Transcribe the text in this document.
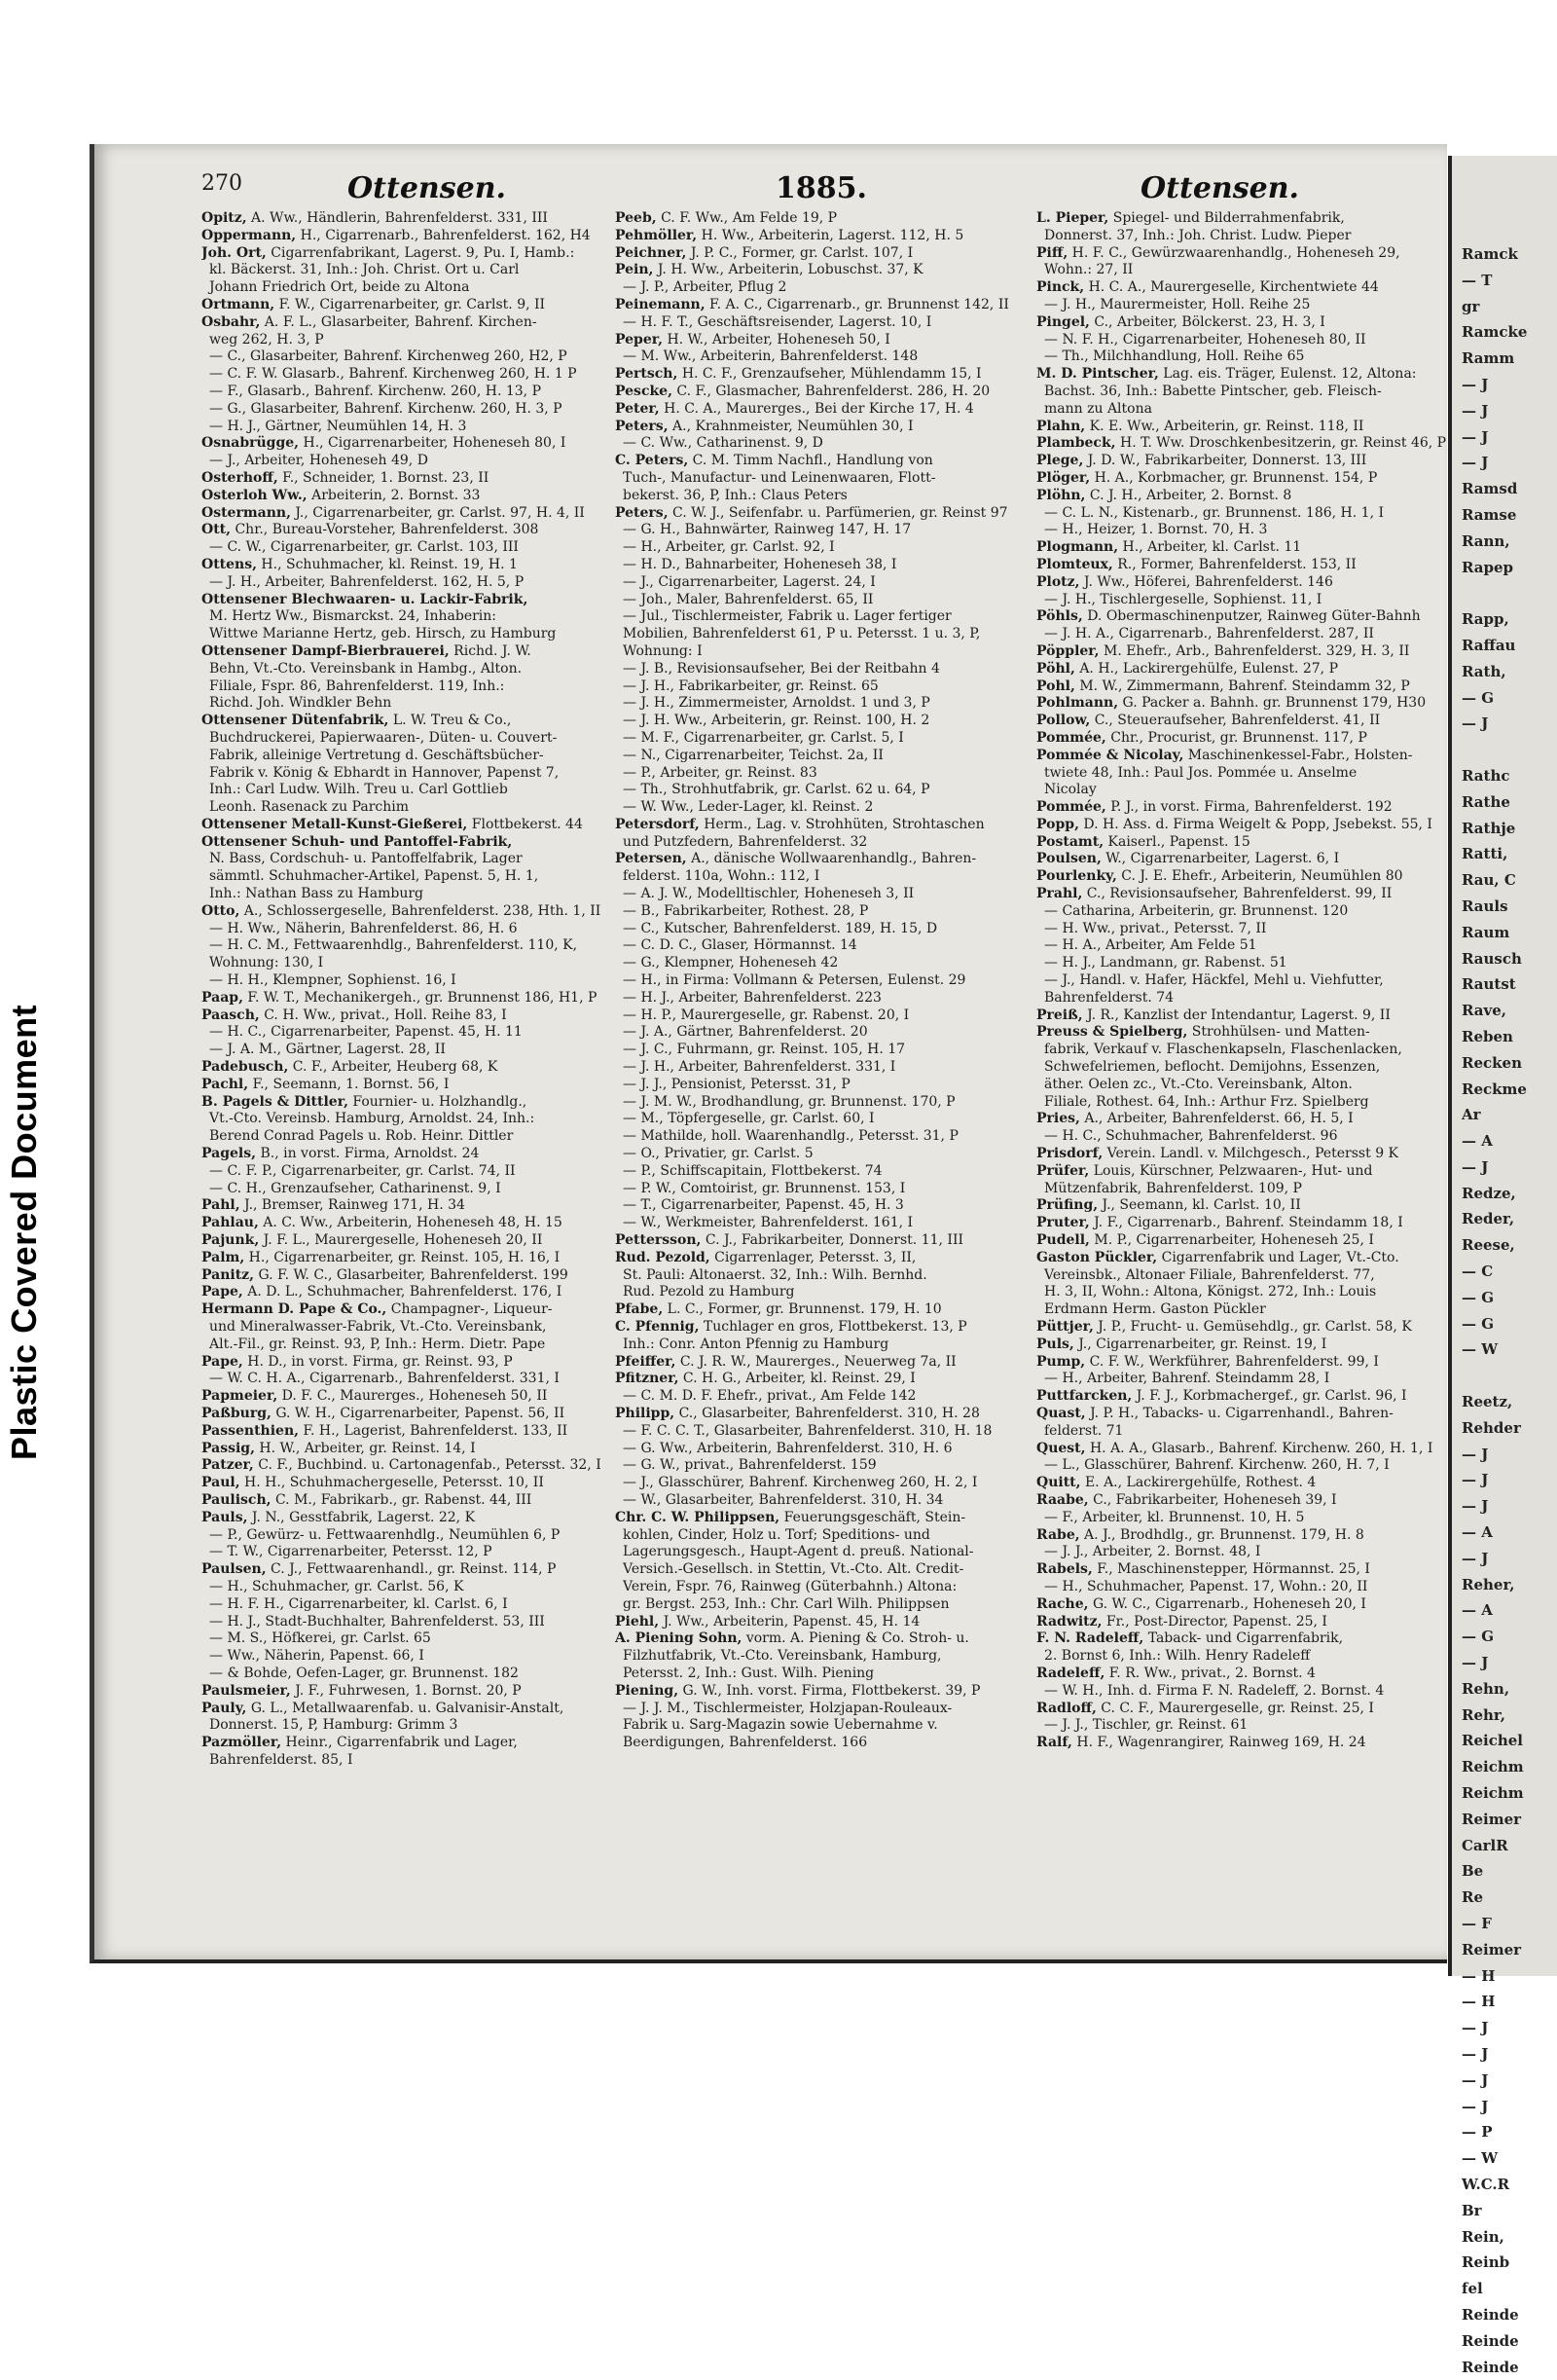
Plastic Covered Document
270	Ottensen.	1885.	Ottensen.
Opitz, A. Ww., Händlerin, Bahrenfelderst. 331, III
Oppermann, H., Cigarrenarb., Bahrenfelderst. 162, H4
Joh. Ort, Cigarrenfabrikant, Lagerst. 9, Pu. I, Hamb.:
kl. Bäckerst. 31, Inh.: Joh. Christ. Ort u. Carl
Johann Friedrich Ort, beide zu Altona
Ortmann, F. W., Cigarrenarbeiter, gr. Carlst. 9, II
Osbahr, A. F. L., Glasarbeiter, Bahrenf. Kirchen-
weg 262, H. 3, P
— C., Glasarbeiter, Bahrenf. Kirchenweg 260, H2, P
— C. F. W. Glasarb., Bahrenf. Kirchenweg 260, H. 1 P
— F., Glasarb., Bahrenf. Kirchenw. 260, H. 13, P
— G., Glasarbeiter, Bahrenf. Kirchenw. 260, H. 3, P
— H. J., Gärtner, Neumühlen 14, H. 3
Osnabrügge, H., Cigarrenarbeiter, Hoheneseh 80, I
— J., Arbeiter, Hoheneseh 49, D
Osterhoff, F., Schneider, 1. Bornst. 23, II
Osterloh Ww., Arbeiterin, 2. Bornst. 33
Ostermann, J., Cigarrenarbeiter, gr. Carlst. 97, H. 4, II
Ott, Chr., Bureau-Vorsteher, Bahrenfelderst. 308
— C. W., Cigarrenarbeiter, gr. Carlst. 103, III
Ottens, H., Schuhmacher, kl. Reinst. 19, H. 1
— J. H., Arbeiter, Bahrenfelderst. 162, H. 5, P
Ottensener Blechwaaren- u. Lackir-Fabrik,
M. Hertz Ww., Bismarckst. 24, Inhaberin:
Wittwe Marianne Hertz, geb. Hirsch, zu Hamburg
Ottensener Dampf-Bierbrauerei, Richd. J. W.
Behn, Vt.-Cto. Vereinsbank in Hambg., Alton.
Filiale, Fspr. 86, Bahrenfelderst. 119, Inh.:
Richd. Joh. Windkler Behn
Ottensener Dütenfabrik, L. W. Treu & Co.,
Buchdruckerei, Papierwaaren-, Düten- u. Couvert-
Fabrik, alleinige Vertretung d. Geschäftsbücher-
Fabrik v. König & Ebhardt in Hannover, Papenst 7,
Inh.: Carl Ludw. Wilh. Treu u. Carl Gottlieb
Leonh. Rasenack zu Parchim
Ottensener Metall-Kunst-Gießerei, Flottbekerst. 44
Ottensener Schuh- und Pantoffel-Fabrik,
N. Bass, Cordschuh- u. Pantoffelfabrik, Lager
sämmtl. Schuhmacher-Artikel, Papenst. 5, H. 1,
Inh.: Nathan Bass zu Hamburg
Otto, A., Schlossergeselle, Bahrenfelderst. 238, Hth. 1, II
— H. Ww., Näherin, Bahrenfelderst. 86, H. 6
— H. C. M., Fettwaarenhdlg., Bahrenfelderst. 110, K,
Wohnung: 130, I
— H. H., Klempner, Sophienst. 16, I
Paap, F. W. T., Mechanikergeh., gr. Brunnenst 186, H1, P
Paasch, C. H. Ww., privat., Holl. Reihe 83, I
— H. C., Cigarrenarbeiter, Papenst. 45, H. 11
— J. A. M., Gärtner, Lagerst. 28, II
Padebusch, C. F., Arbeiter, Heuberg 68, K
Pachl, F., Seemann, 1. Bornst. 56, I
B. Pagels & Dittler, Fournier- u. Holzhandlg.,
Vt.-Cto. Vereinsb. Hamburg, Arnoldst. 24, Inh.:
Berend Conrad Pagels u. Rob. Heinr. Dittler
Pagels, B., in vorst. Firma, Arnoldst. 24
— C. F. P., Cigarrenarbeiter, gr. Carlst. 74, II
— C. H., Grenzaufseher, Catharinenst. 9, I
Pahl, J., Bremser, Rainweg 171, H. 34
Pahlau, A. C. Ww., Arbeiterin, Hoheneseh 48, H. 15
Pajunk, J. F. L., Maurergeselle, Hoheneseh 20, II
Palm, H., Cigarrenarbeiter, gr. Reinst. 105, H. 16, I
Panitz, G. F. W. C., Glasarbeiter, Bahrenfelderst. 199
Pape, A. D. L., Schuhmacher, Bahrenfelderst. 176, I
Hermann D. Pape & Co., Champagner-, Liqueur-
und Mineralwasser-Fabrik, Vt.-Cto. Vereinsbank,
Alt.-Fil., gr. Reinst. 93, P, Inh.: Herm. Dietr. Pape
Pape, H. D., in vorst. Firma, gr. Reinst. 93, P
— W. C. H. A., Cigarrenarb., Bahrenfelderst. 331, I
Papmeier, D. F. C., Maurerges., Hoheneseh 50, II
Paßburg, G. W. H., Cigarrenarbeiter, Papenst. 56, II
Passenthien, F. H., Lagerist, Bahrenfelderst. 133, II
Passig, H. W., Arbeiter, gr. Reinst. 14, I
Patzer, C. F., Buchbind. u. Cartonagenfab., Petersst. 32, I
Paul, H. H., Schuhmachergeselle, Petersst. 10, II
Paulisch, C. M., Fabrikarb., gr. Rabenst. 44, III
Pauls, J. N., Gesstfabrik, Lagerst. 22, K
— P., Gewürz- u. Fettwaarenhdlg., Neumühlen 6, P
— T. W., Cigarrenarbeiter, Petersst. 12, P
Paulsen, C. J., Fettwaarenhandl., gr. Reinst. 114, P
— H., Schuhmacher, gr. Carlst. 56, K
— H. F. H., Cigarrenarbeiter, kl. Carlst. 6, I
— H. J., Stadt-Buchhalter, Bahrenfelderst. 53, III
— M. S., Höfkerei, gr. Carlst. 65
— Ww., Näherin, Papenst. 66, I
— & Bohde, Oefen-Lager, gr. Brunnenst. 182
Paulsmeier, J. F., Fuhrwesen, 1. Bornst. 20, P
Pauly, G. L., Metallwaarenfab. u. Galvanisir-Anstalt,
Donnerst. 15, P, Hamburg: Grimm 3
Pazmöller, Heinr., Cigarrenfabrik und Lager,
Bahrenfelderst. 85, I
Peeb, C. F. Ww., Am Felde 19, P
Pehmöller, H. Ww., Arbeiterin, Lagerst. 112, H. 5
Peichner, J. P. C., Former, gr. Carlst. 107, I
Pein, J. H. Ww., Arbeiterin, Lobuschst. 37, K
— J. P., Arbeiter, Pflug 2
Peinemann, F. A. C., Cigarrenarb., gr. Brunnenst 142, II
— H. F. T., Geschäftsreisender, Lagerst. 10, I
Peper, H. W., Arbeiter, Hoheneseh 50, I
— M. Ww., Arbeiterin, Bahrenfelderst. 148
Pertsch, H. C. F., Grenzaufseher, Mühlendamm 15, I
Pescke, C. F., Glasmacher, Bahrenfelderst. 286, H. 20
Peter, H. C. A., Maurerges., Bei der Kirche 17, H. 4
Peters, A., Krahnmeister, Neumühlen 30, I
— C. Ww., Catharinenst. 9, D
C. Peters, C. M. Timm Nachfl., Handlung von
Tuch-, Manufactur- und Leinenwaaren, Flott-
bekerst. 36, P, Inh.: Claus Peters
Peters, C. W. J., Seifenfabr. u. Parfümerien, gr. Reinst 97
— G. H., Bahnwärter, Rainweg 147, H. 17
— H., Arbeiter, gr. Carlst. 92, I
— H. D., Bahnarbeiter, Hoheneseh 38, I
— J., Cigarrenarbeiter, Lagerst. 24, I
— Joh., Maler, Bahrenfelderst. 65, II
— Jul., Tischlermeister, Fabrik u. Lager fertiger
Mobilien, Bahrenfelderst 61, P u. Petersst. 1 u. 3, P,
Wohnung: I
— J. B., Revisionsaufseher, Bei der Reitbahn 4
— J. H., Fabrikarbeiter, gr. Reinst. 65
— J. H., Zimmermeister, Arnoldst. 1 und 3, P
— J. H. Ww., Arbeiterin, gr. Reinst. 100, H. 2
— M. F., Cigarrenarbeiter, gr. Carlst. 5, I
— N., Cigarrenarbeiter, Teichst. 2a, II
— P., Arbeiter, gr. Reinst. 83
— Th., Strohhutfabrik, gr. Carlst. 62 u. 64, P
— W. Ww., Leder-Lager, kl. Reinst. 2
Petersdorf, Herm., Lag. v. Strohhüten, Strohtaschen
und Putzfedern, Bahrenfelderst. 32
Petersen, A., dänische Wollwaarenhandlg., Bahren-
felderst. 110a, Wohn.: 112, I
— A. J. W., Modelltischler, Hoheneseh 3, II
— B., Fabrikarbeiter, Rothest. 28, P
— C., Kutscher, Bahrenfelderst. 189, H. 15, D
— C. D. C., Glaser, Hörmannst. 14
— G., Klempner, Hoheneseh 42
— H., in Firma: Vollmann & Petersen, Eulenst. 29
— H. J., Arbeiter, Bahrenfelderst. 223
— H. P., Maurergeselle, gr. Rabenst. 20, I
— J. A., Gärtner, Bahrenfelderst. 20
— J. C., Fuhrmann, gr. Reinst. 105, H. 17
— J. H., Arbeiter, Bahrenfelderst. 331, I
— J. J., Pensionist, Petersst. 31, P
— J. M. W., Brodhandlung, gr. Brunnenst. 170, P
— M., Töpfergeselle, gr. Carlst. 60, I
— Mathilde, holl. Waarenhandlg., Petersst. 31, P
— O., Privatier, gr. Carlst. 5
— P., Schiffscapitain, Flottbekerst. 74
— P. W., Comtoirist, gr. Brunnenst. 153, I
— T., Cigarrenarbeiter, Papenst. 45, H. 3
— W., Werkmeister, Bahrenfelderst. 161, I
Pettersson, C. J., Fabrikarbeiter, Donnerst. 11, III
Rud. Pezold, Cigarrenlager, Petersst. 3, II,
St. Pauli: Altonaerst. 32, Inh.: Wilh. Bernhd.
Rud. Pezold zu Hamburg
Pfabe, L. C., Former, gr. Brunnenst. 179, H. 10
C. Pfennig, Tuchlager en gros, Flottbekerst. 13, P
Inh.: Conr. Anton Pfennig zu Hamburg
Pfeiffer, C. J. R. W., Maurerges., Neuerweg 7a, II
Pfitzner, C. H. G., Arbeiter, kl. Reinst. 29, I
— C. M. D. F. Ehefr., privat., Am Felde 142
Philipp, C., Glasarbeiter, Bahrenfelderst. 310, H. 28
— F. C. C. T., Glasarbeiter, Bahrenfelderst. 310, H. 18
— G. Ww., Arbeiterin, Bahrenfelderst. 310, H. 6
— G. W., privat., Bahrenfelderst. 159
— J., Glasschürer, Bahrenf. Kirchenweg 260, H. 2, I
— W., Glasarbeiter, Bahrenfelderst. 310, H. 34
Chr. C. W. Philippsen, Feuerungsgeschäft, Stein-
kohlen, Cinder, Holz u. Torf; Speditions- und
Lagerungsgesch., Haupt-Agent d. preuß. National-
Versich.-Gesellsch. in Stettin, Vt.-Cto. Alt. Credit-
Verein, Fspr. 76, Rainweg (Güterbahnh.) Altona:
gr. Bergst. 253, Inh.: Chr. Carl Wilh. Philippsen
Piehl, J. Ww., Arbeiterin, Papenst. 45, H. 14
A. Piening Sohn, vorm. A. Piening & Co. Stroh- u.
Filzhutfabrik, Vt.-Cto. Vereinsbank, Hamburg,
Petersst. 2, Inh.: Gust. Wilh. Piening
Piening, G. W., Inh. vorst. Firma, Flottbekerst. 39, P
— J. J. M., Tischlermeister, Holzjapan-Rouleaux-
Fabrik u. Sarg-Magazin sowie Uebernahme v.
Beerdigungen, Bahrenfelderst. 166
L. Pieper, Spiegel- und Bilderrahmenfabrik,
Donnerst. 37, Inh.: Joh. Christ. Ludw. Pieper
Piff, H. F. C., Gewürzwaarenhandlg., Hoheneseh 29,
Wohn.: 27, II
Pinck, H. C. A., Maurergeselle, Kirchentwiete 44
— J. H., Maurermeister, Holl. Reihe 25
Pingel, C., Arbeiter, Bölckerst. 23, H. 3, I
— N. F. H., Cigarrenarbeiter, Hoheneseh 80, II
— Th., Milchhandlung, Holl. Reihe 65
M. D. Pintscher, Lag. eis. Träger, Eulenst. 12, Altona:
Bachst. 36, Inh.: Babette Pintscher, geb. Fleisch-
mann zu Altona
Plahn, K. E. Ww., Arbeiterin, gr. Reinst. 118, II
Plambeck, H. T. Ww. Droschkenbesitzerin, gr. Reinst 46, P
Plege, J. D. W., Fabrikarbeiter, Donnerst. 13, III
Plöger, H. A., Korbmacher, gr. Brunnenst. 154, P
Plöhn, C. J. H., Arbeiter, 2. Bornst. 8
— C. L. N., Kistenarb., gr. Brunnenst. 186, H. 1, I
— H., Heizer, 1. Bornst. 70, H. 3
Plogmann, H., Arbeiter, kl. Carlst. 11
Plomteux, R., Former, Bahrenfelderst. 153, II
Plotz, J. Ww., Höferei, Bahrenfelderst. 146
— J. H., Tischlergeselle, Sophienst. 11, I
Pöhls, D. Obermaschinenputzer, Rainweg Güter-Bahnh
— J. H. A., Cigarrenarb., Bahrenfelderst. 287, II
Pöppler, M. Ehefr., Arb., Bahrenfelderst. 329, H. 3, II
Pöhl, A. H., Lackirergehülfe, Eulenst. 27, P
Pohl, M. W., Zimmermann, Bahrenf. Steindamm 32, P
Pohlmann, G. Packer a. Bahnh. gr. Brunnenst 179, H30
Pollow, C., Steueraufseher, Bahrenfelderst. 41, II
Pommée, Chr., Procurist, gr. Brunnenst. 117, P
Pommée & Nicolay, Maschinenkessel-Fabr., Holsten-
twiete 48, Inh.: Paul Jos. Pommée u. Anselme
Nicolay
Pommée, P. J., in vorst. Firma, Bahrenfelderst. 192
Popp, D. H. Ass. d. Firma Weigelt & Popp, Jsebekst. 55, I
Postamt, Kaiserl., Papenst. 15
Poulsen, W., Cigarrenarbeiter, Lagerst. 6, I
Pourlenky, C. J. E. Ehefr., Arbeiterin, Neumühlen 80
Prahl, C., Revisionsaufseher, Bahrenfelderst. 99, II
— Catharina, Arbeiterin, gr. Brunnenst. 120
— H. Ww., privat., Petersst. 7, II
— H. A., Arbeiter, Am Felde 51
— H. J., Landmann, gr. Rabenst. 51
— J., Handl. v. Hafer, Häckfel, Mehl u. Viehfutter,
Bahrenfelderst. 74
Preiß, J. R., Kanzlist der Intendantur, Lagerst. 9, II
Preuss & Spielberg, Strohhülsen- und Matten-
fabrik, Verkauf v. Flaschenkapseln, Flaschenlacken,
Schwefelriemen, beflocht. Demijohns, Essenzen,
äther. Oelen zc., Vt.-Cto. Vereinsbank, Alton.
Filiale, Rothest. 64, Inh.: Arthur Frz. Spielberg
Pries, A., Arbeiter, Bahrenfelderst. 66, H. 5, I
— H. C., Schuhmacher, Bahrenfelderst. 96
Prisdorf, Verein. Landl. v. Milchgesch., Petersst 9 K
Prüfer, Louis, Kürschner, Pelzwaaren-, Hut- und
Mützenfabrik, Bahrenfelderst. 109, P
Prüfing, J., Seemann, kl. Carlst. 10, II
Pruter, J. F., Cigarrenarb., Bahrenf. Steindamm 18, I
Pudell, M. P., Cigarrenarbeiter, Hoheneseh 25, I
Gaston Pückler, Cigarrenfabrik und Lager, Vt.-Cto.
Vereinsbk., Altonaer Filiale, Bahrenfelderst. 77,
H. 3, II, Wohn.: Altona, Königst. 272, Inh.: Louis
Erdmann Herm. Gaston Pückler
Püttjer, J. P., Frucht- u. Gemüsehdlg., gr. Carlst. 58, K
Puls, J., Cigarrenarbeiter, gr. Reinst. 19, I
Pump, C. F. W., Werkführer, Bahrenfelderst. 99, I
— H., Arbeiter, Bahrenf. Steindamm 28, I
Puttfarcken, J. F. J., Korbmachergef., gr. Carlst. 96, I
Quast, J. P. H., Tabacks- u. Cigarrenhandl., Bahren-
felderst. 71
Quest, H. A. A., Glasarb., Bahrenf. Kirchenw. 260, H. 1, I
— L., Glasschürer, Bahrenf. Kirchenw. 260, H. 7, I
Quitt, E. A., Lackirergehülfe, Rothest. 4
Raabe, C., Fabrikarbeiter, Hoheneseh 39, I
— F., Arbeiter, kl. Brunnenst. 10, H. 5
Rabe, A. J., Brodhdlg., gr. Brunnenst. 179, H. 8
— J. J., Arbeiter, 2. Bornst. 48, I
Rabels, F., Maschinenstepper, Hörmannst. 25, I
— H., Schuhmacher, Papenst. 17, Wohn.: 20, II
Rache, G. W. C., Cigarrenarb., Hoheneseh 20, I
Radwitz, Fr., Post-Director, Papenst. 25, I
F. N. Radeleff, Taback- und Cigarrenfabrik,
2. Bornst 6, Inh.: Wilh. Henry Radeleff
Radeleff, F. R. Ww., privat., 2. Bornst. 4
— W. H., Inh. d. Firma F. N. Radeleff, 2. Bornst. 4
Radloff, C. C. F., Maurergeselle, gr. Reinst. 25, I
— J. J., Tischler, gr. Reinst. 61
Ralf, H. F., Wagenrangirer, Rainweg 169, H. 24
Ramck
— T
gr
Ramcke
Ramm
— J
— J
— J
— J
Ramsd
Ramse
Rann,
Rapep
Rapp,
Raffau
Rath,
— G
— J
Rathc
Rathe
Rathje
Ratti,
Rau, C
Rauls
Raum
Rausch
Rautst
Rave,
Reben
Recken
Reckme
Ar
— A
— J
Redze,
Reder,
Reese,
— C
— G
— G
— W
Reetz,
Rehder
— J
— J
— J
— A
— J
Reher,
— A
— G
— J
Rehn,
Rehr,
Reichel
Reichm
Reichm
Reimer
CarlR
Be
Re
— F
Reimer
— H
— H
— J
— J
— J
— J
— P
— W
W.C.R
Br
Rein,
Reinb
fel
Reinde
Reinde
Reinde
